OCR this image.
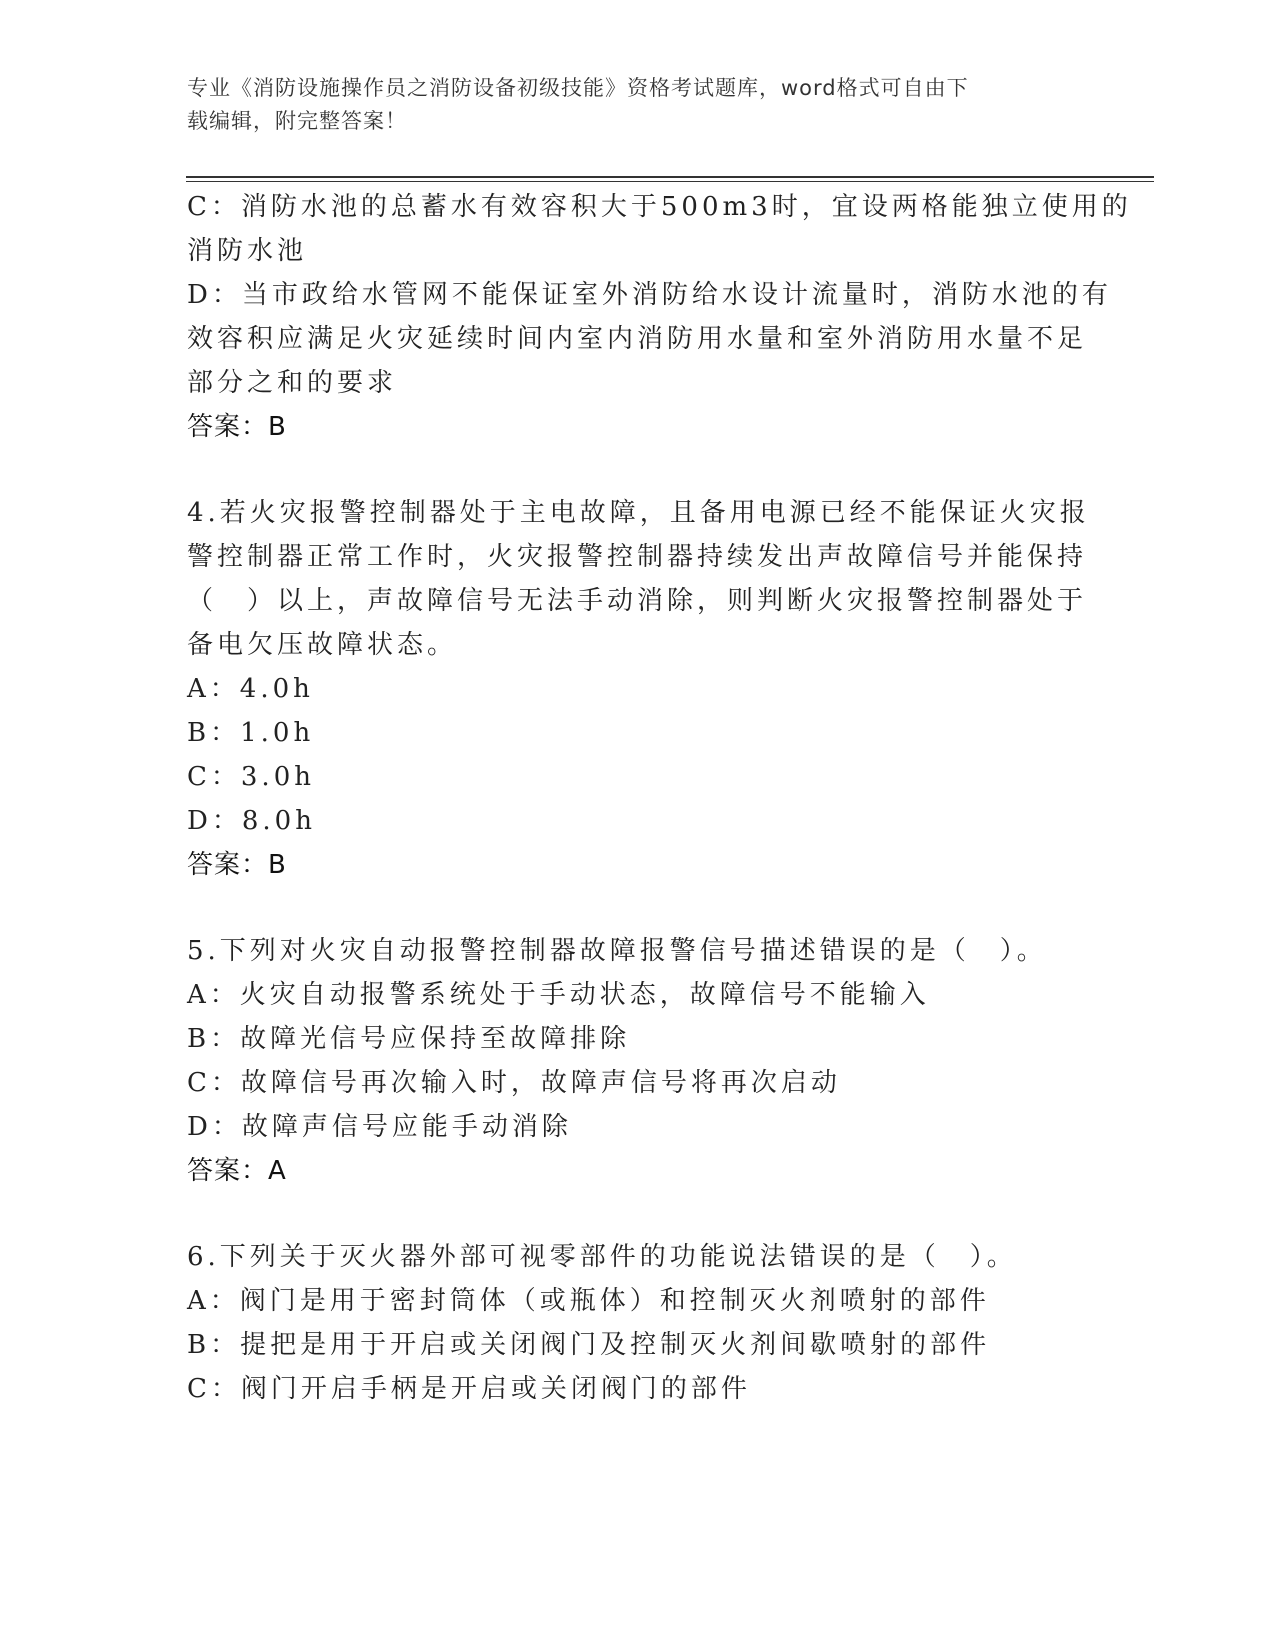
专业《消防设施操作员之消防设备初级技能》资格考试题库，word格式可自由下
载编辑，附完整答案！
C：消防水池的总蓄水有效容积大于500m3时，宜设两格能独立使用的
消防水池
D：当市政给水管网不能保证室外消防给水设计流量时，消防水池的有
效容积应满足火灾延续时间内室内消防用水量和室外消防用水量不足
部分之和的要求
答案：B
4.若火灾报警控制器处于主电故障，且备用电源已经不能保证火灾报
警控制器正常工作时，火灾报警控制器持续发出声故障信号并能保持
（　）以上，声故障信号无法手动消除，则判断火灾报警控制器处于
备电欠压故障状态。
A：4.0h
B：1.0h
C：3.0h
D：8.0h
答案：B
5.下列对火灾自动报警控制器故障报警信号描述错误的是（　）。
A：火灾自动报警系统处于手动状态，故障信号不能输入
B：故障光信号应保持至故障排除
C：故障信号再次输入时，故障声信号将再次启动
D：故障声信号应能手动消除
答案：A
6.下列关于灭火器外部可视零部件的功能说法错误的是（　）。
A：阀门是用于密封筒体（或瓶体）和控制灭火剂喷射的部件
B：提把是用于开启或关闭阀门及控制灭火剂间歇喷射的部件
C：阀门开启手柄是开启或关闭阀门的部件
